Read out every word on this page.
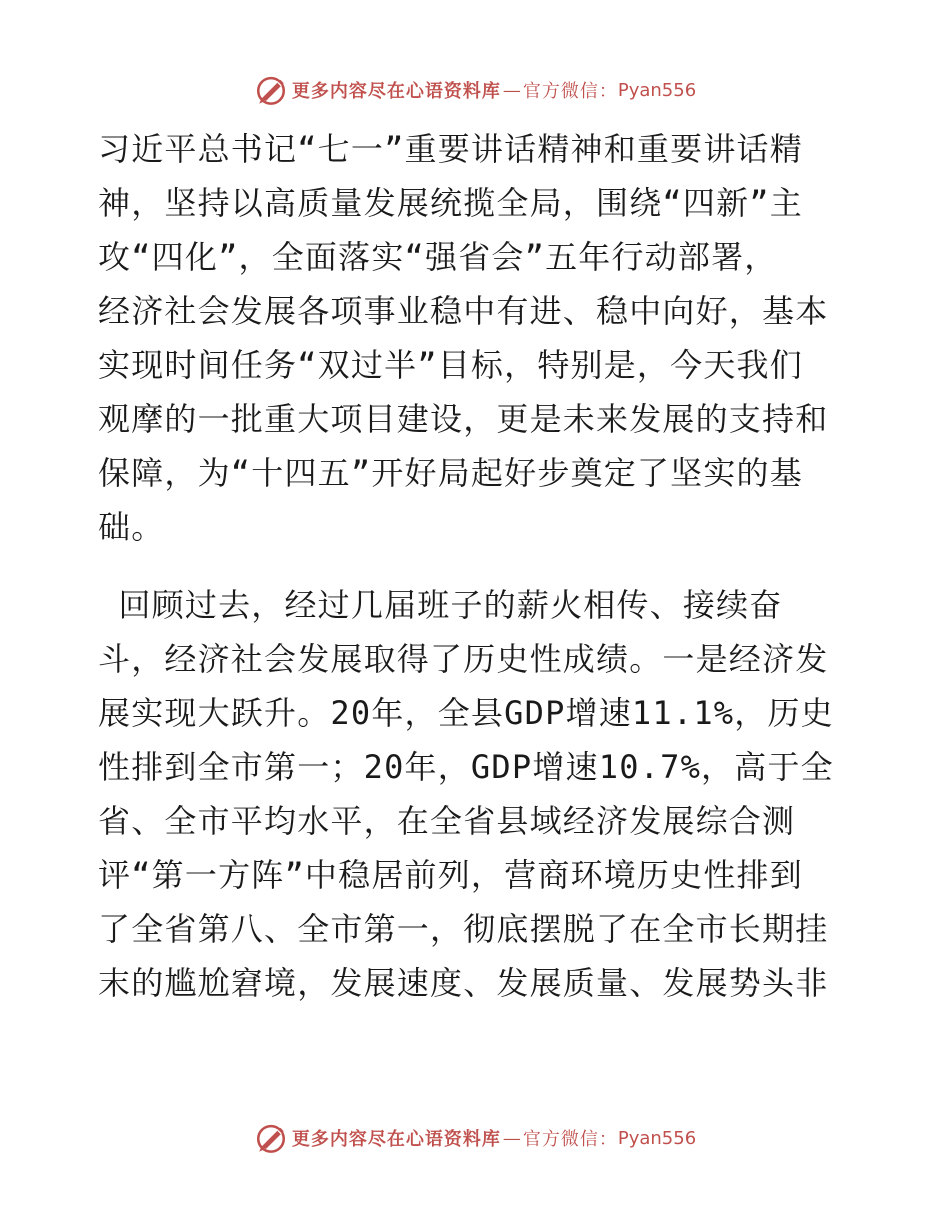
更多内容尽在心语资料库 — 官方微信： Pyan556
习近平总书记“七一”重要讲话精神和重要讲话精
神，坚持以高质量发展统揽全局，围绕“四新”主
攻“四化”，全面落实“强省会”五年行动部署，
经济社会发展各项事业稳中有进、稳中向好，基本
实现时间任务“双过半”目标，特别是，今天我们
观摩的一批重大项目建设，更是未来发展的支持和
保障，为“十四五”开好局起好步奠定了坚实的基
础。
回顾过去，经过几届班子的薪火相传、接续奋
斗，经济社会发展取得了历史性成绩。一是经济发
展实现大跃升。20年，全县GDP增速11.1%，历史
性排到全市第一；20年，GDP增速10.7%，高于全
省、全市平均水平，在全省县域经济发展综合测
评“第一方阵”中稳居前列，营商环境历史性排到
了全省第八、全市第一，彻底摆脱了在全市长期挂
末的尴尬窘境，发展速度、发展质量、发展势头非
更多内容尽在心语资料库 — 官方微信： Pyan556
